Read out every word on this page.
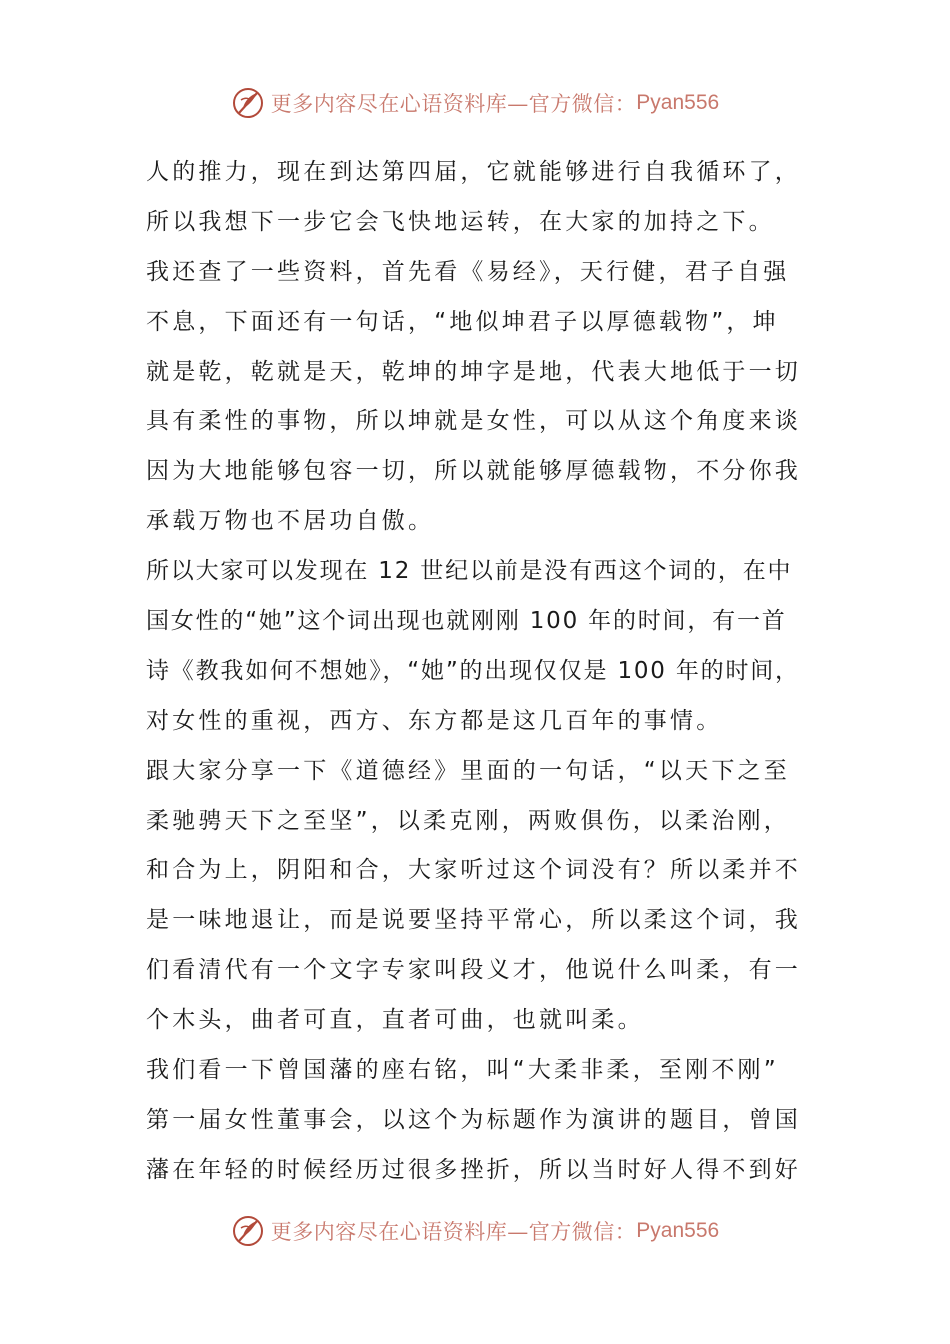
更多内容尽在心语资料库—官方微信： Pyan556
人的推力，现在到达第四届，它就能够进行自我循环了，
所以我想下一步它会飞快地运转，在大家的加持之下。
我还查了一些资料，首先看《易经》，天行健，君子自强
不息，下面还有一句话，“地似坤君子以厚德载物”，坤
就是乾，乾就是天，乾坤的坤字是地，代表大地低于一切
具有柔性的事物，所以坤就是女性，可以从这个角度来谈
因为大地能够包容一切，所以就能够厚德载物，不分你我
承载万物也不居功自傲。
所以大家可以发现在 12 世纪以前是没有西这个词的，在中
国女性的“她”这个词出现也就刚刚 100 年的时间，有一首
诗《教我如何不想她》，“她”的出现仅仅是 100 年的时间，
对女性的重视，西方、东方都是这几百年的事情。
跟大家分享一下《道德经》里面的一句话，“以天下之至
柔驰骋天下之至坚”，以柔克刚，两败俱伤，以柔治刚，
和合为上，阴阳和合，大家听过这个词没有？所以柔并不
是一味地退让，而是说要坚持平常心，所以柔这个词，我
们看清代有一个文字专家叫段义才，他说什么叫柔，有一
个木头，曲者可直，直者可曲，也就叫柔。
我们看一下曾国藩的座右铭，叫“大柔非柔，至刚不刚”
第一届女性董事会，以这个为标题作为演讲的题目，曾国
藩在年轻的时候经历过很多挫折，所以当时好人得不到好
更多内容尽在心语资料库—官方微信： Pyan556
